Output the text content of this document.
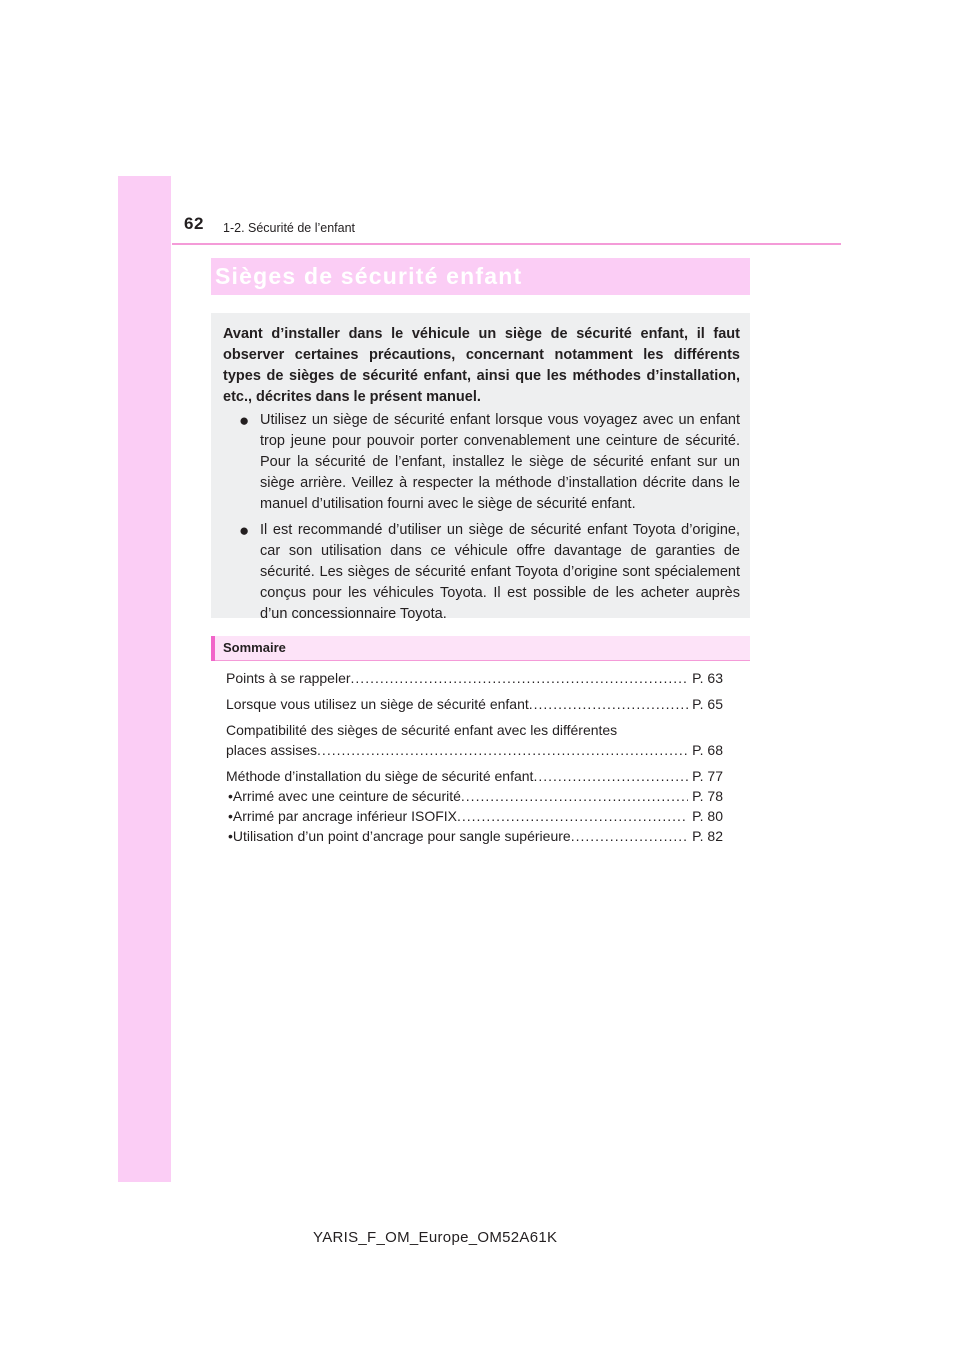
62 1-2. Sécurité de l’enfant
Sièges de sécurité enfant

Avant d’installer dans le véhicule un siège de sécurité enfant, il faut observer certaines précautions, concernant notamment les différents types de sièges de sécurité enfant, ainsi que les méthodes d’installation, etc., décrites dans le présent manuel.

● Utilisez un siège de sécurité enfant lorsque vous voyagez avec un enfant trop jeune pour pouvoir porter convenablement une ceinture de sécurité. Pour la sécurité de l’enfant, installez le siège de sécurité enfant sur un siège arrière. Veillez à respecter la méthode d’installation décrite dans le manuel d’utilisation fourni avec le siège de sécurité enfant.
● Il est recommandé d’utiliser un siège de sécurité enfant Toyota d’origine, car son utilisation dans ce véhicule offre davantage de garanties de sécurité. Les sièges de sécurité enfant Toyota d’origine sont spécialement conçus pour les véhicules Toyota. Il est possible de les acheter auprès d’un concessionnaire Toyota.
Sommaire
Points à se rappeler .....	P. 63
Lorsque vous utilisez un siège de sécurité enfant .....	P. 65
Compatibilité des sièges de sécurité enfant avec les différentes
places assises .....	P. 68
Méthode d’installation du siège de sécurité enfant .....	P. 77
• Arrimé avec une ceinture de sécurité .....	P. 78
• Arrimé par ancrage inférieur ISOFIX .....	P. 80
• Utilisation d’un point d’ancrage pour sangle supérieure .....	P. 82
YARIS_F_OM_Europe_OM52A61K
